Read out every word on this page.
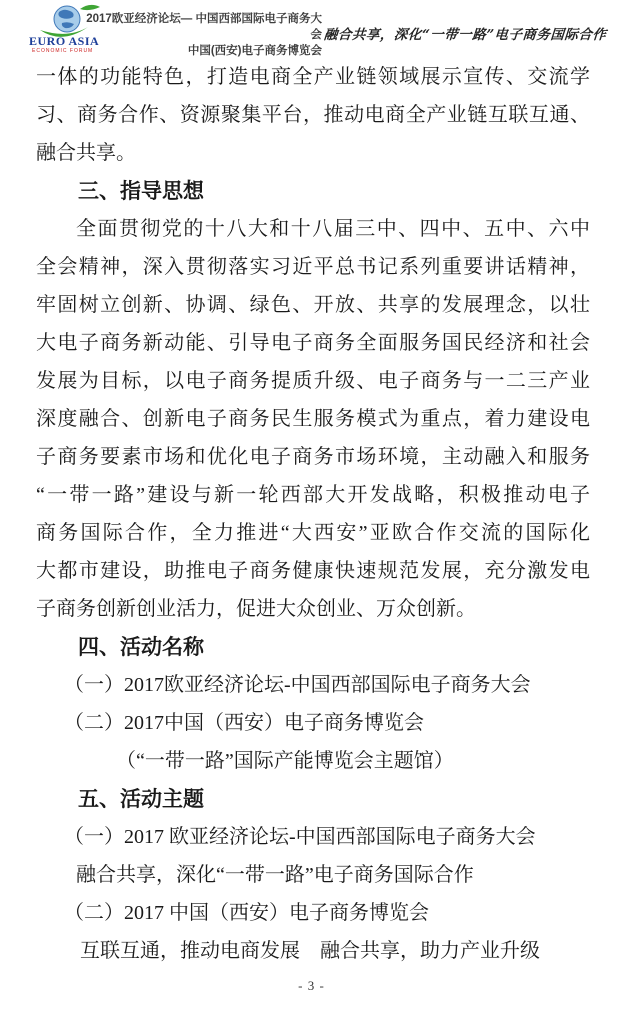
EURO ASIA
ECONOMIC FORUM
2017欧亚经济论坛— 中国西部国际电子商务大会
中国(西安)电子商务博览会
融合共享，深化“一带一路”电子商务国际合作
一体的功能特色，打造电商全产业链领域展示宣传、交流学
习、商务合作、资源聚集平台，推动电商全产业链互联互通、
融合共享。
三、指导思想
全面贯彻党的十八大和十八届三中、四中、五中、六中
全会精神，深入贯彻落实习近平总书记系列重要讲话精神，
牢固树立创新、协调、绿色、开放、共享的发展理念，以壮
大电子商务新动能、引导电子商务全面服务国民经济和社会
发展为目标，以电子商务提质升级、电子商务与一二三产业
深度融合、创新电子商务民生服务模式为重点，着力建设电
子商务要素市场和优化电子商务市场环境，主动融入和服务
“一带一路”建设与新一轮西部大开发战略，积极推动电子
商务国际合作，全力推进“大西安”亚欧合作交流的国际化
大都市建设，助推电子商务健康快速规范发展，充分激发电
子商务创新创业活力，促进大众创业、万众创新。
四、活动名称
（一）2017欧亚经济论坛-中国西部国际电子商务大会
（二）2017中国（西安）电子商务博览会
（“一带一路”国际产能博览会主题馆）
五、活动主题
（一）2017 欧亚经济论坛-中国西部国际电子商务大会
融合共享，深化“一带一路”电子商务国际合作
（二）2017 中国（西安）电子商务博览会
互联互通，推动电商发展　融合共享，助力产业升级
- 3 -
